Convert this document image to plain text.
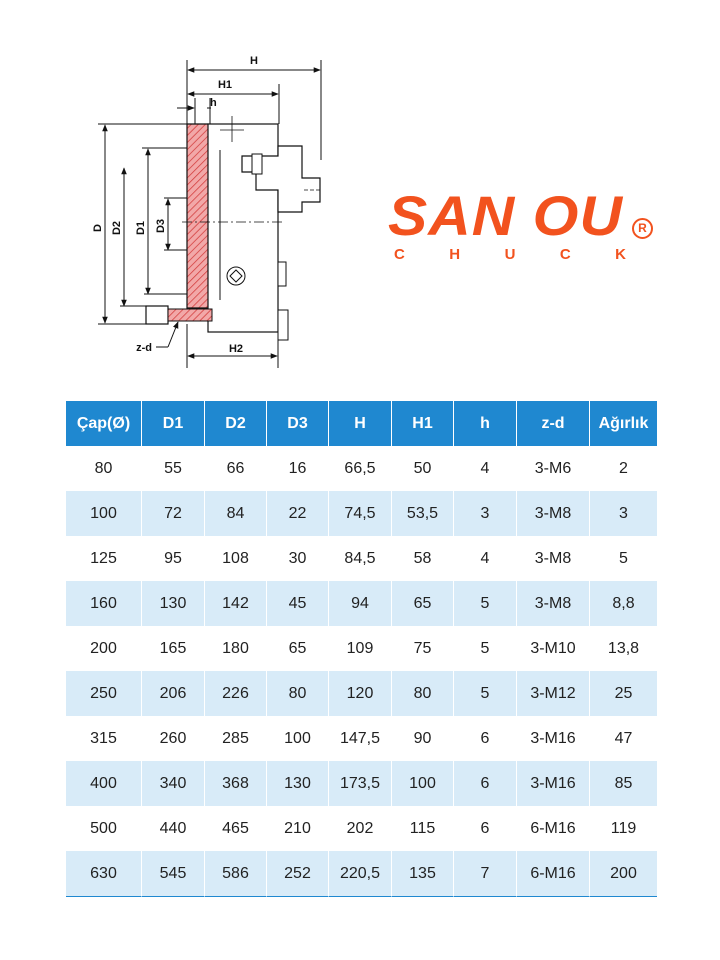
H
H1
h
D D2 D1 D3
z-d	H2
SAN OU	R
C	H	U	C	K
Çap(Ø)	D1	D2	D3	H	H1	h	z-d	Ağırlık
80	55	66	16	66,5	50	4	3-M6	2
100	72	84	22	74,5	53,5	3	3-M8	3
125	95	108	30	84,5	58	4	3-M8	5
160	130	142	45	94	65	5	3-M8	8,8
200	165	180	65	109	75	5	3-M10	13,8
250	206	226	80	120	80	5	3-M12	25
315	260	285	100	147,5	90	6	3-M16	47
400	340	368	130	173,5	100	6	3-M16	85
500	440	465	210	202	115	6	6-M16	119
630	545	586	252	220,5	135	7	6-M16	200
